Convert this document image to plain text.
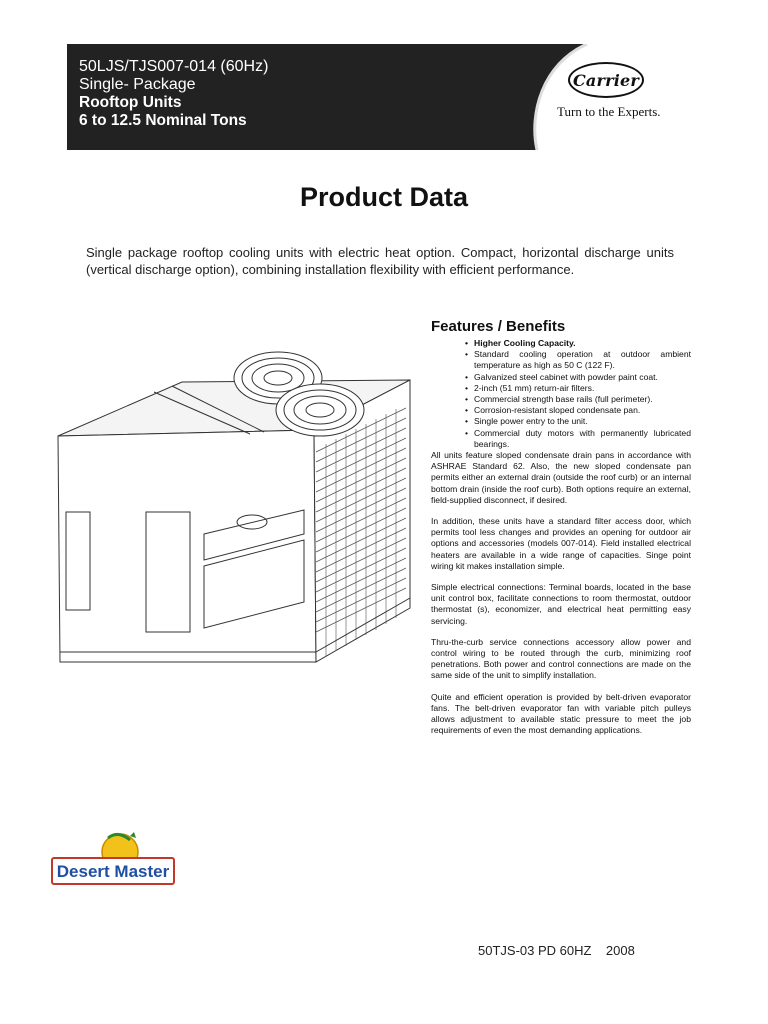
50LJS/TJS007-014 (60Hz)
Single- Package
Rooftop Units
6 to 12.5 Nominal Tons
Carrier
Turn to the Experts.
Product Data
Single package rooftop cooling units with electric heat option. Compact, horizontal discharge units (vertical discharge option), combining installation flexibility with efficient performance.
Features / Benefits
• Higher Cooling Capacity.
• Standard cooling operation at outdoor ambient temperature as high as 50 C (122 F).
• Galvanized steel cabinet with powder paint coat.
• 2-inch (51 mm) return-air filters.
• Commercial strength base rails (full perimeter).
• Corrosion-resistant sloped condensate pan.
• Single power entry to the unit.
• Commercial duty motors with permanently lubricated bearings.

All units feature sloped condensate drain pans in accordance with ASHRAE Standard 62. Also, the new sloped condensate pan permits either an external drain (outside the roof curb) or an internal bottom drain (inside the roof curb). Both options require an external, field-supplied disconnect, if desired.

In addition, these units have a standard filter access door, which permits tool less changes and provides an opening for outdoor air options and accessories (models 007-014). Field installed electrical heaters are available in a wide range of capacities. Singe point wiring kit makes installation simple.

Simple electrical connections: Terminal boards, located in the base unit control box, facilitate connections to room thermostat, outdoor thermostat (s), economizer, and electrical heat permitting easy servicing.

Thru-the-curb service connections accessory allow power and control wiring to be routed through the curb, minimizing roof penetrations. Both power and control connections are made on the same side of the unit to simplify installation.

Quite and efficient operation is provided by belt-driven evaporator fans. The belt-driven evaporator fan with variable pitch pulleys allows adjustment to available static pressure to meet the job requirements of even the most demanding applications.

Desert Master
50TJS-03 PD 60HZ 2008
